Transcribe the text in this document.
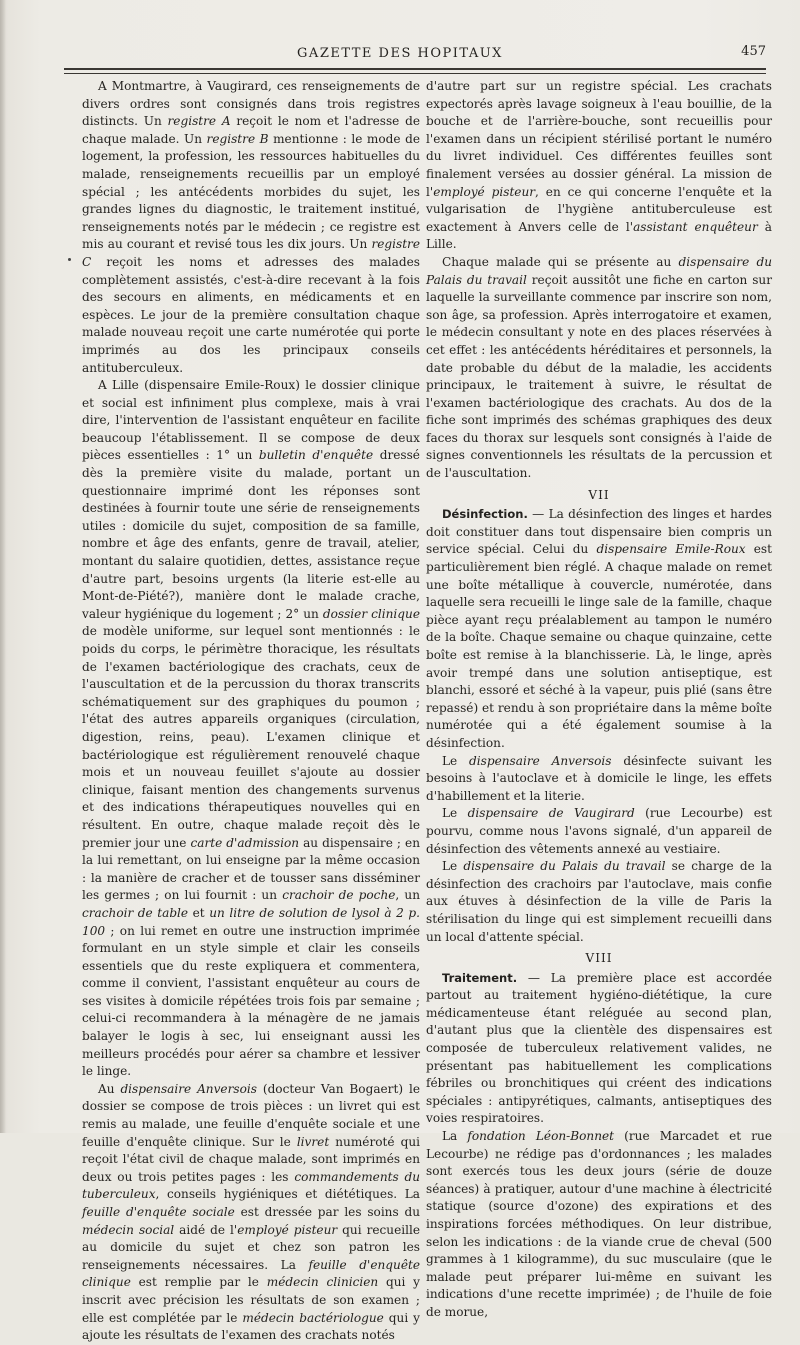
GAZETTE DES HOPITAUX	457

A Montmartre, à Vaugirard, ces renseignements de divers ordres sont consignés dans trois registres distincts. Un registre A reçoit le nom et l'adresse de chaque malade. Un registre B mentionne : le mode de logement, la profession, les ressources habituelles du malade, renseignements recueillis par un employé spécial ; les antécédents morbides du sujet, les grandes lignes du diagnostic, le traitement institué, renseignements notés par le médecin ; ce registre est mis au courant et revisé tous les dix jours. Un registre C reçoit les noms et adresses des malades complètement assistés, c'est-à-dire recevant à la fois des secours en aliments, en médicaments et en espèces. Le jour de la première consultation chaque malade nouveau reçoit une carte numérotée qui porte imprimés au dos les principaux conseils antituberculeux.

A Lille (dispensaire Emile-Roux) le dossier clinique et social est infiniment plus complexe, mais à vrai dire, l'intervention de l'assistant enquêteur en facilite beaucoup l'établissement. Il se compose de deux pièces essentielles : 1° un bulletin d'enquête dressé dès la première visite du malade, portant un questionnaire imprimé dont les réponses sont destinées à fournir toute une série de renseignements utiles : domicile du sujet, composition de sa famille, nombre et âge des enfants, genre de travail, atelier, montant du salaire quotidien, dettes, assistance reçue d'autre part, besoins urgents (la literie est-elle au Mont-de-Piété?), manière dont le malade crache, valeur hygiénique du logement ; 2° un dossier clinique de modèle uniforme, sur lequel sont mentionnés : le poids du corps, le périmètre thoracique, les résultats de l'examen bactériologique des crachats, ceux de l'auscultation et de la percussion du thorax transcrits schématiquement sur des graphiques du poumon ; l'état des autres appareils organiques (circulation, digestion, reins, peau). L'examen clinique et bactériologique est régulièrement renouvelé chaque mois et un nouveau feuillet s'ajoute au dossier clinique, faisant mention des changements survenus et des indications thérapeutiques nouvelles qui en résultent. En outre, chaque malade reçoit dès le premier jour une carte d'admission au dispensaire ; en la lui remettant, on lui enseigne par la même occasion : la manière de cracher et de tousser sans disséminer les germes ; on lui fournit : un crachoir de poche, un crachoir de table et un litre de solution de lysol à 2 p. 100 ; on lui remet en outre une instruction imprimée formulant en un style simple et clair les conseils essentiels que du reste expliquera et commentera, comme il convient, l'assistant enquêteur au cours de ses visites à domicile répétées trois fois par semaine ; celui-ci recommandera à la ménagère de ne jamais balayer le logis à sec, lui enseignant aussi les meilleurs procédés pour aérer sa chambre et lessiver le linge.

Au dispensaire Anversois (docteur Van Bogaert) le dossier se compose de trois pièces : un livret qui est remis au malade, une feuille d'enquête sociale et une feuille d'enquête clinique. Sur le livret numéroté qui reçoit l'état civil de chaque malade, sont imprimés en deux ou trois petites pages : les commandements du tuberculeux, conseils hygiéniques et diététiques. La feuille d'enquête sociale est dressée par les soins du médecin social aidé de l'employé pisteur qui recueille au domicile du sujet et chez son patron les renseignements nécessaires. La feuille d'enquête clinique est remplie par le médecin clinicien qui y inscrit avec précision les résultats de son examen ; elle est complétée par le médecin bactériologue qui y ajoute les résultats de l'examen des crachats notés

d'autre part sur un registre spécial. Les crachats expectorés après lavage soigneux à l'eau bouillie, de la bouche et de l'arrière-bouche, sont recueillis pour l'examen dans un récipient stérilisé portant le numéro du livret individuel. Ces différentes feuilles sont finalement versées au dossier général. La mission de l'employé pisteur, en ce qui concerne l'enquête et la vulgarisation de l'hygiène antituberculeuse est exactement à Anvers celle de l'assistant enquêteur à Lille.

Chaque malade qui se présente au dispensaire du Palais du travail reçoit aussitôt une fiche en carton sur laquelle la surveillante commence par inscrire son nom, son âge, sa profession. Après interrogatoire et examen, le médecin consultant y note en des places réservées à cet effet : les antécédents héréditaires et personnels, la date probable du début de la maladie, les accidents principaux, le traitement à suivre, le résultat de l'examen bactériologique des crachats. Au dos de la fiche sont imprimés des schémas graphiques des deux faces du thorax sur lesquels sont consignés à l'aide de signes conventionnels les résultats de la percussion et de l'auscultation.

VII

Désinfection. — La désinfection des linges et hardes doit constituer dans tout dispensaire bien compris un service spécial. Celui du dispensaire Emile-Roux est particulièrement bien réglé. A chaque malade on remet une boîte métallique à couvercle, numérotée, dans laquelle sera recueilli le linge sale de la famille, chaque pièce ayant reçu préalablement au tampon le numéro de la boîte. Chaque semaine ou chaque quinzaine, cette boîte est remise à la blanchisserie. Là, le linge, après avoir trempé dans une solution antiseptique, est blanchi, essoré et séché à la vapeur, puis plié (sans être repassé) et rendu à son propriétaire dans la même boîte numérotée qui a été également soumise à la désinfection.

Le dispensaire Anversois désinfecte suivant les besoins à l'autoclave et à domicile le linge, les effets d'habillement et la literie.

Le dispensaire de Vaugirard (rue Lecourbe) est pourvu, comme nous l'avons signalé, d'un appareil de désinfection des vêtements annexé au vestiaire.

Le dispensaire du Palais du travail se charge de la désinfection des crachoirs par l'autoclave, mais confie aux étuves à désinfection de la ville de Paris la stérilisation du linge qui est simplement recueilli dans un local d'attente spécial.

VIII

Traitement. — La première place est accordée partout au traitement hygiéno-diététique, la cure médicamenteuse étant reléguée au second plan, d'autant plus que la clientèle des dispensaires est composée de tuberculeux relativement valides, ne présentant pas habituellement les complications fébriles ou bronchitiques qui créent des indications spéciales : antipyrétiques, calmants, antiseptiques des voies respiratoires.

La fondation Léon-Bonnet (rue Marcadet et rue Lecourbe) ne rédige pas d'ordonnances ; les malades sont exercés tous les deux jours (série de douze séances) à pratiquer, autour d'une machine à électricité statique (source d'ozone) des expirations et des inspirations forcées méthodiques. On leur distribue, selon les indications : de la viande crue de cheval (500 grammes à 1 kilogramme), du suc musculaire (que le malade peut préparer lui-même en suivant les indications d'une recette imprimée) ; de l'huile de foie de morue,
